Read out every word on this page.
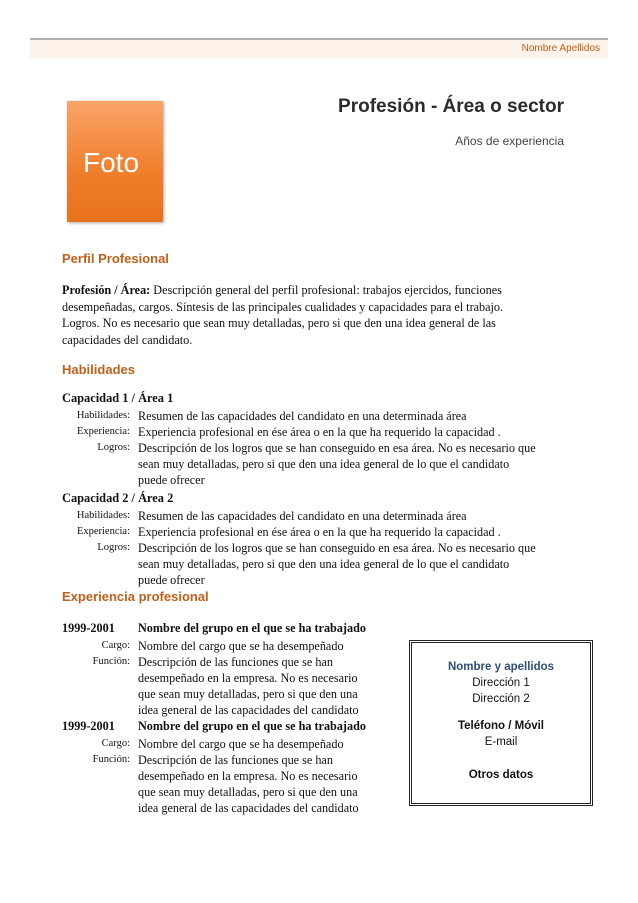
Nombre Apellidos
Foto
Profesión - Área o sector
Años de experiencia
Perfil Profesional
Profesión / Área: Descripción general del perfil profesional: trabajos ejercidos, funciones
desempeñadas, cargos. Síntesis de las principales cualidades y capacidades para el trabajo.
Logros. No es necesario que sean muy detalladas, pero si que den una idea general de las
capacidades del candidato.
Habilidades
Capacidad 1 / Área 1
Habilidades: Resumen de las capacidades del candidato en una determinada área
Experiencia: Experiencia profesional en ése área o en la que ha requerido la capacidad .
Logros: Descripción de los logros que se han conseguido en esa área. No es necesario que
sean muy detalladas, pero si que den una idea general de lo que el candidato
puede ofrecer
Capacidad 2 / Área 2
Habilidades: Resumen de las capacidades del candidato en una determinada área
Experiencia: Experiencia profesional en ése área o en la que ha requerido la capacidad .
Logros: Descripción de los logros que se han conseguido en esa área. No es necesario que
sean muy detalladas, pero si que den una idea general de lo que el candidato
puede ofrecer
Experiencia profesional
1999-2001	Nombre del grupo en el que se ha trabajado
Cargo: Nombre del cargo que se ha desempeñado
Función: Descripción de las funciones que se han
desempeñado en la empresa. No es necesario
que sean muy detalladas, pero si que den una
idea general de las capacidades del candidato
1999-2001	Nombre del grupo en el que se ha trabajado
Cargo: Nombre del cargo que se ha desempeñado
Función: Descripción de las funciones que se han
desempeñado en la empresa. No es necesario
que sean muy detalladas, pero si que den una
idea general de las capacidades del candidato
Nombre y apellidos
Dirección 1
Dirección 2
Teléfono / Móvil
E-mail
Otros datos
